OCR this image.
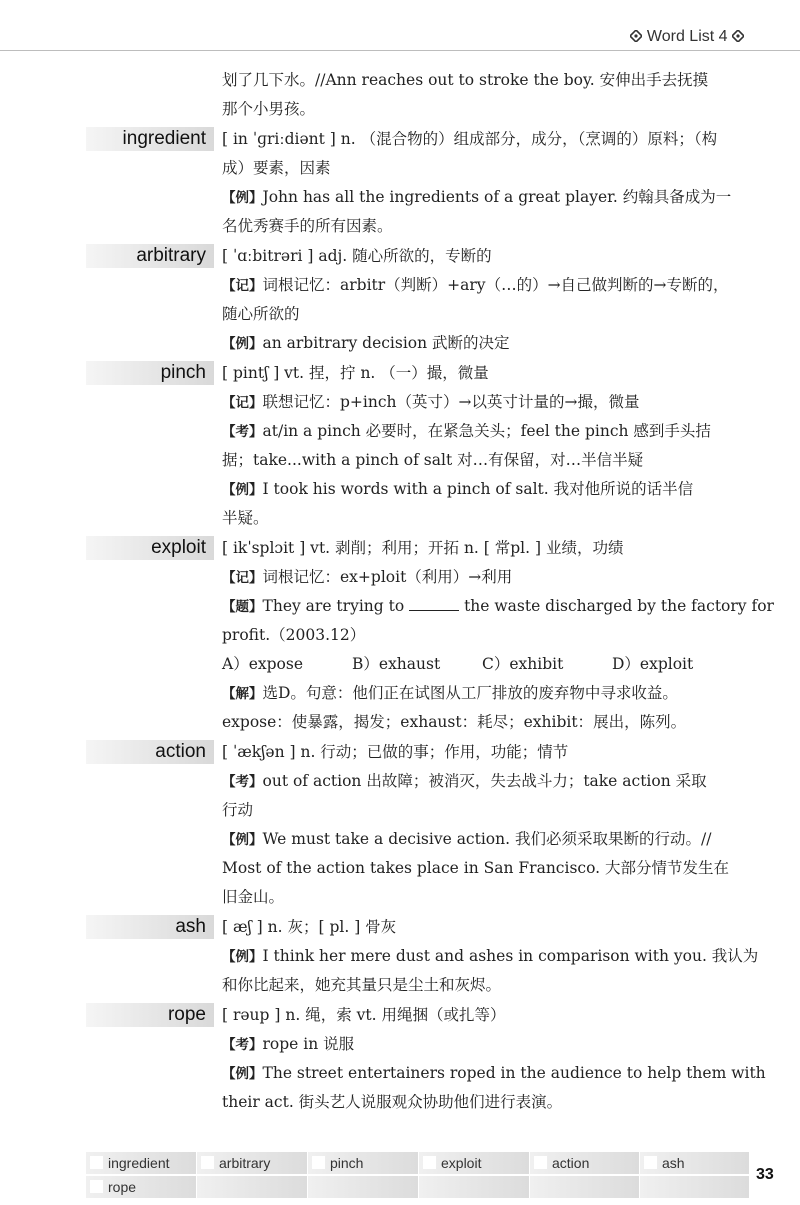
Word List 4
划了几下水。//Ann reaches out to stroke the boy. 安伸出手去抚摸
那个小男孩。
ingredient [ in ˈɡriːdiənt ] n. （混合物的）组成部分，成分，（烹调的）原料；（构
成）要素，因素
【例】John has all the ingredients of a great player. 约翰具备成为一
名优秀赛手的所有因素。
arbitrary [ ˈɑːbitrəri ] adj. 随心所欲的，专断的
【记】词根记忆：arbitr（判断）+ary（…的）→自己做判断的→专断的，
随心所欲的
【例】an arbitrary decision 武断的决定
pinch [ pintʃ ] vt. 捏，拧 n. （一）撮，微量
【记】联想记忆：p+inch（英寸）→以英寸计量的→撮，微量
【考】at/in a pinch 必要时，在紧急关头；feel the pinch 感到手头拮
据；take...with a pinch of salt 对…有保留，对…半信半疑
【例】I took his words with a pinch of salt. 我对他所说的话半信
半疑。
exploit [ ikˈsplɔit ] vt. 剥削；利用；开拓 n. [ 常pl. ] 业绩，功绩
【记】词根记忆：ex+ploit（利用）→利用
【题】They are trying to	the waste discharged by the factory for
profit.（2003.12）
A）expose	B）exhaust	C）exhibit	D）exploit
【解】选D。句意：他们正在试图从工厂排放的废弃物中寻求收益。
expose：使暴露，揭发；exhaust：耗尽；exhibit：展出，陈列。
action [ ˈækʃən ] n. 行动；已做的事；作用，功能；情节
【考】out of action 出故障；被消灭，失去战斗力；take action 采取
行动
【例】We must take a decisive action. 我们必须采取果断的行动。//
Most of the action takes place in San Francisco. 大部分情节发生在
旧金山。
ash [ æʃ ] n. 灰；[ pl. ] 骨灰
【例】I think her mere dust and ashes in comparison with you. 我认为
和你比起来，她充其量只是尘土和灰烬。
rope [ rəup ] n. 绳，索 vt. 用绳捆（或扎等）
【考】rope in 说服
【例】The street entertainers roped in the audience to help them with
their act. 街头艺人说服观众协助他们进行表演。
ingredient	arbitrary	pinch	exploit	action	ash
rope
33
